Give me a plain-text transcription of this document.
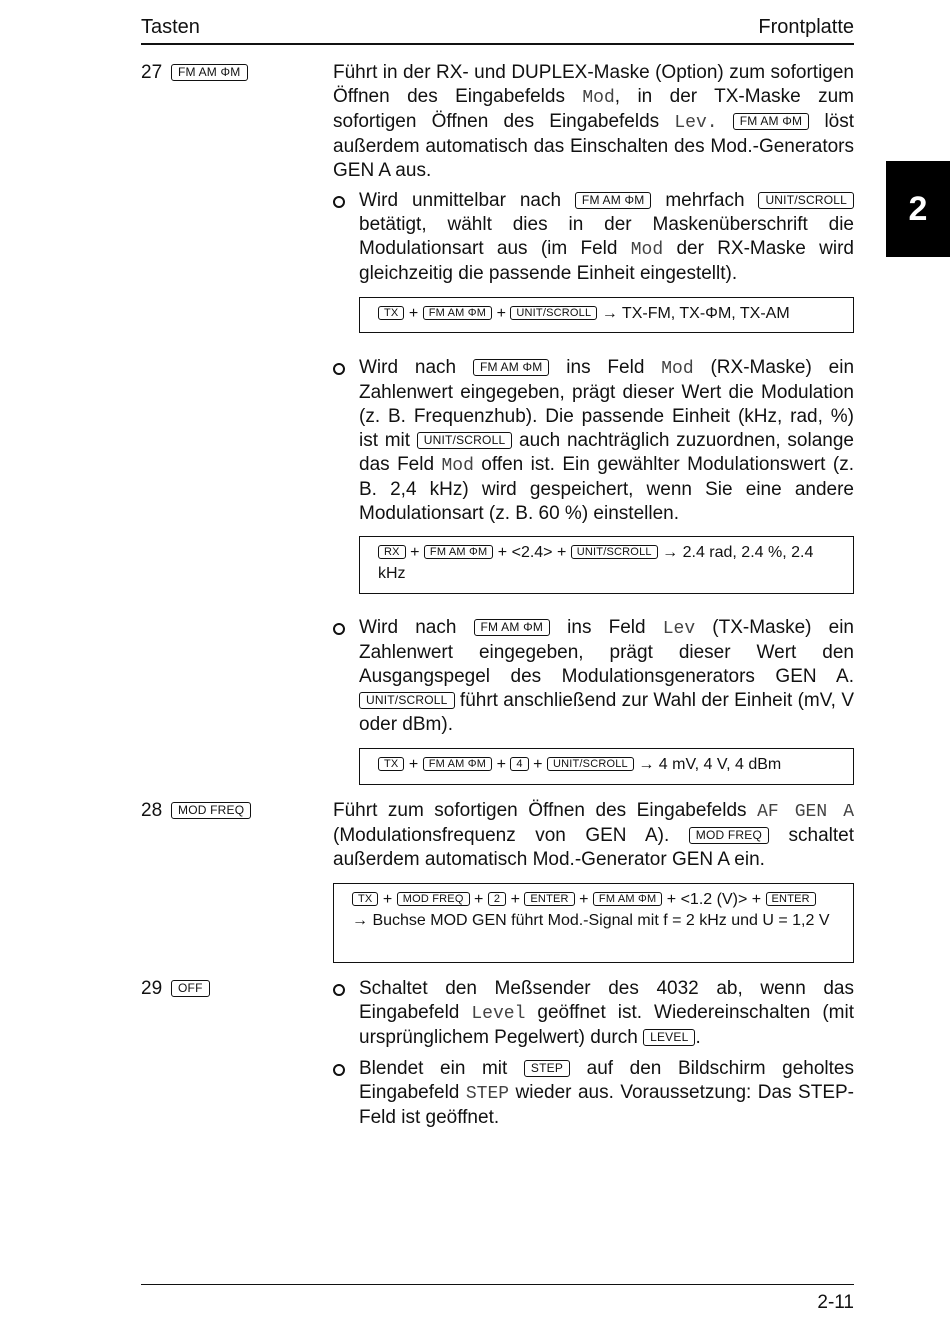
Tasten	Frontplatte
2
27 FM AM ΦM	Führt in der RX- und DUPLEX-Maske (Option) zum sofortigen Öffnen des Eingabefelds Mod, in der TX-Maske zum sofortigen Öffnen des Eingabefelds Lev. FM AM ΦM löst außerdem automatisch das Einschalten des Mod.-Generators GEN A aus.

Wird unmittelbar nach FM AM ΦM mehrfach UNIT/SCROLL betätigt, wählt dies in der Maskenüberschrift die Modulationsart aus (im Feld Mod der RX-Maske wird gleichzeitig die passende Einheit eingestellt).
TX + FM AM ΦM + UNIT/SCROLL → TX-FM, TX-ΦM, TX-AM
Wird nach FM AM ΦM ins Feld Mod (RX-Maske) ein Zahlenwert eingegeben, prägt dieser Wert die Modulation (z. B. Frequenzhub). Die passende Einheit (kHz, rad, %) ist mit UNIT/SCROLL auch nachträglich zuzuordnen, solange das Feld Mod offen ist. Ein gewählter Modulationswert (z. B. 2,4 kHz) wird gespeichert, wenn Sie eine andere Modulationsart (z. B. 60 %) einstellen.
RX + FM AM ΦM + <2.4> + UNIT/SCROLL → 2.4 rad, 2.4 %, 2.4 kHz
Wird nach FM AM ΦM ins Feld Lev (TX-Maske) ein Zahlenwert eingegeben, prägt dieser Wert den Ausgangspegel des Modulationsgenerators GEN A. UNIT/SCROLL führt anschließend zur Wahl der Einheit (mV, V oder dBm).
TX + FM AM ΦM + 4 + UNIT/SCROLL → 4 mV, 4 V, 4 dBm
28 MOD FREQ	Führt zum sofortigen Öffnen des Eingabefelds AF GEN A (Modulationsfrequenz von GEN A). MOD FREQ schaltet außerdem automatisch Mod.-Generator GEN A ein.

TX + MOD FREQ + 2 + ENTER + FM AM ΦM + <1.2 (V)> + ENTER
→ Buchse MOD GEN führt Mod.-Signal mit f = 2 kHz und U = 1,2 V
29 OFF	Schaltet den Meßsender des 4032 ab, wenn das Eingabefeld Level geöffnet ist. Wiedereinschalten (mit ursprünglichem Pegelwert) durch LEVEL .
Blendet ein mit STEP auf den Bildschirm geholtes Eingabefeld STEP wieder aus. Voraussetzung: Das STEP-Feld ist geöffnet.
2-11
